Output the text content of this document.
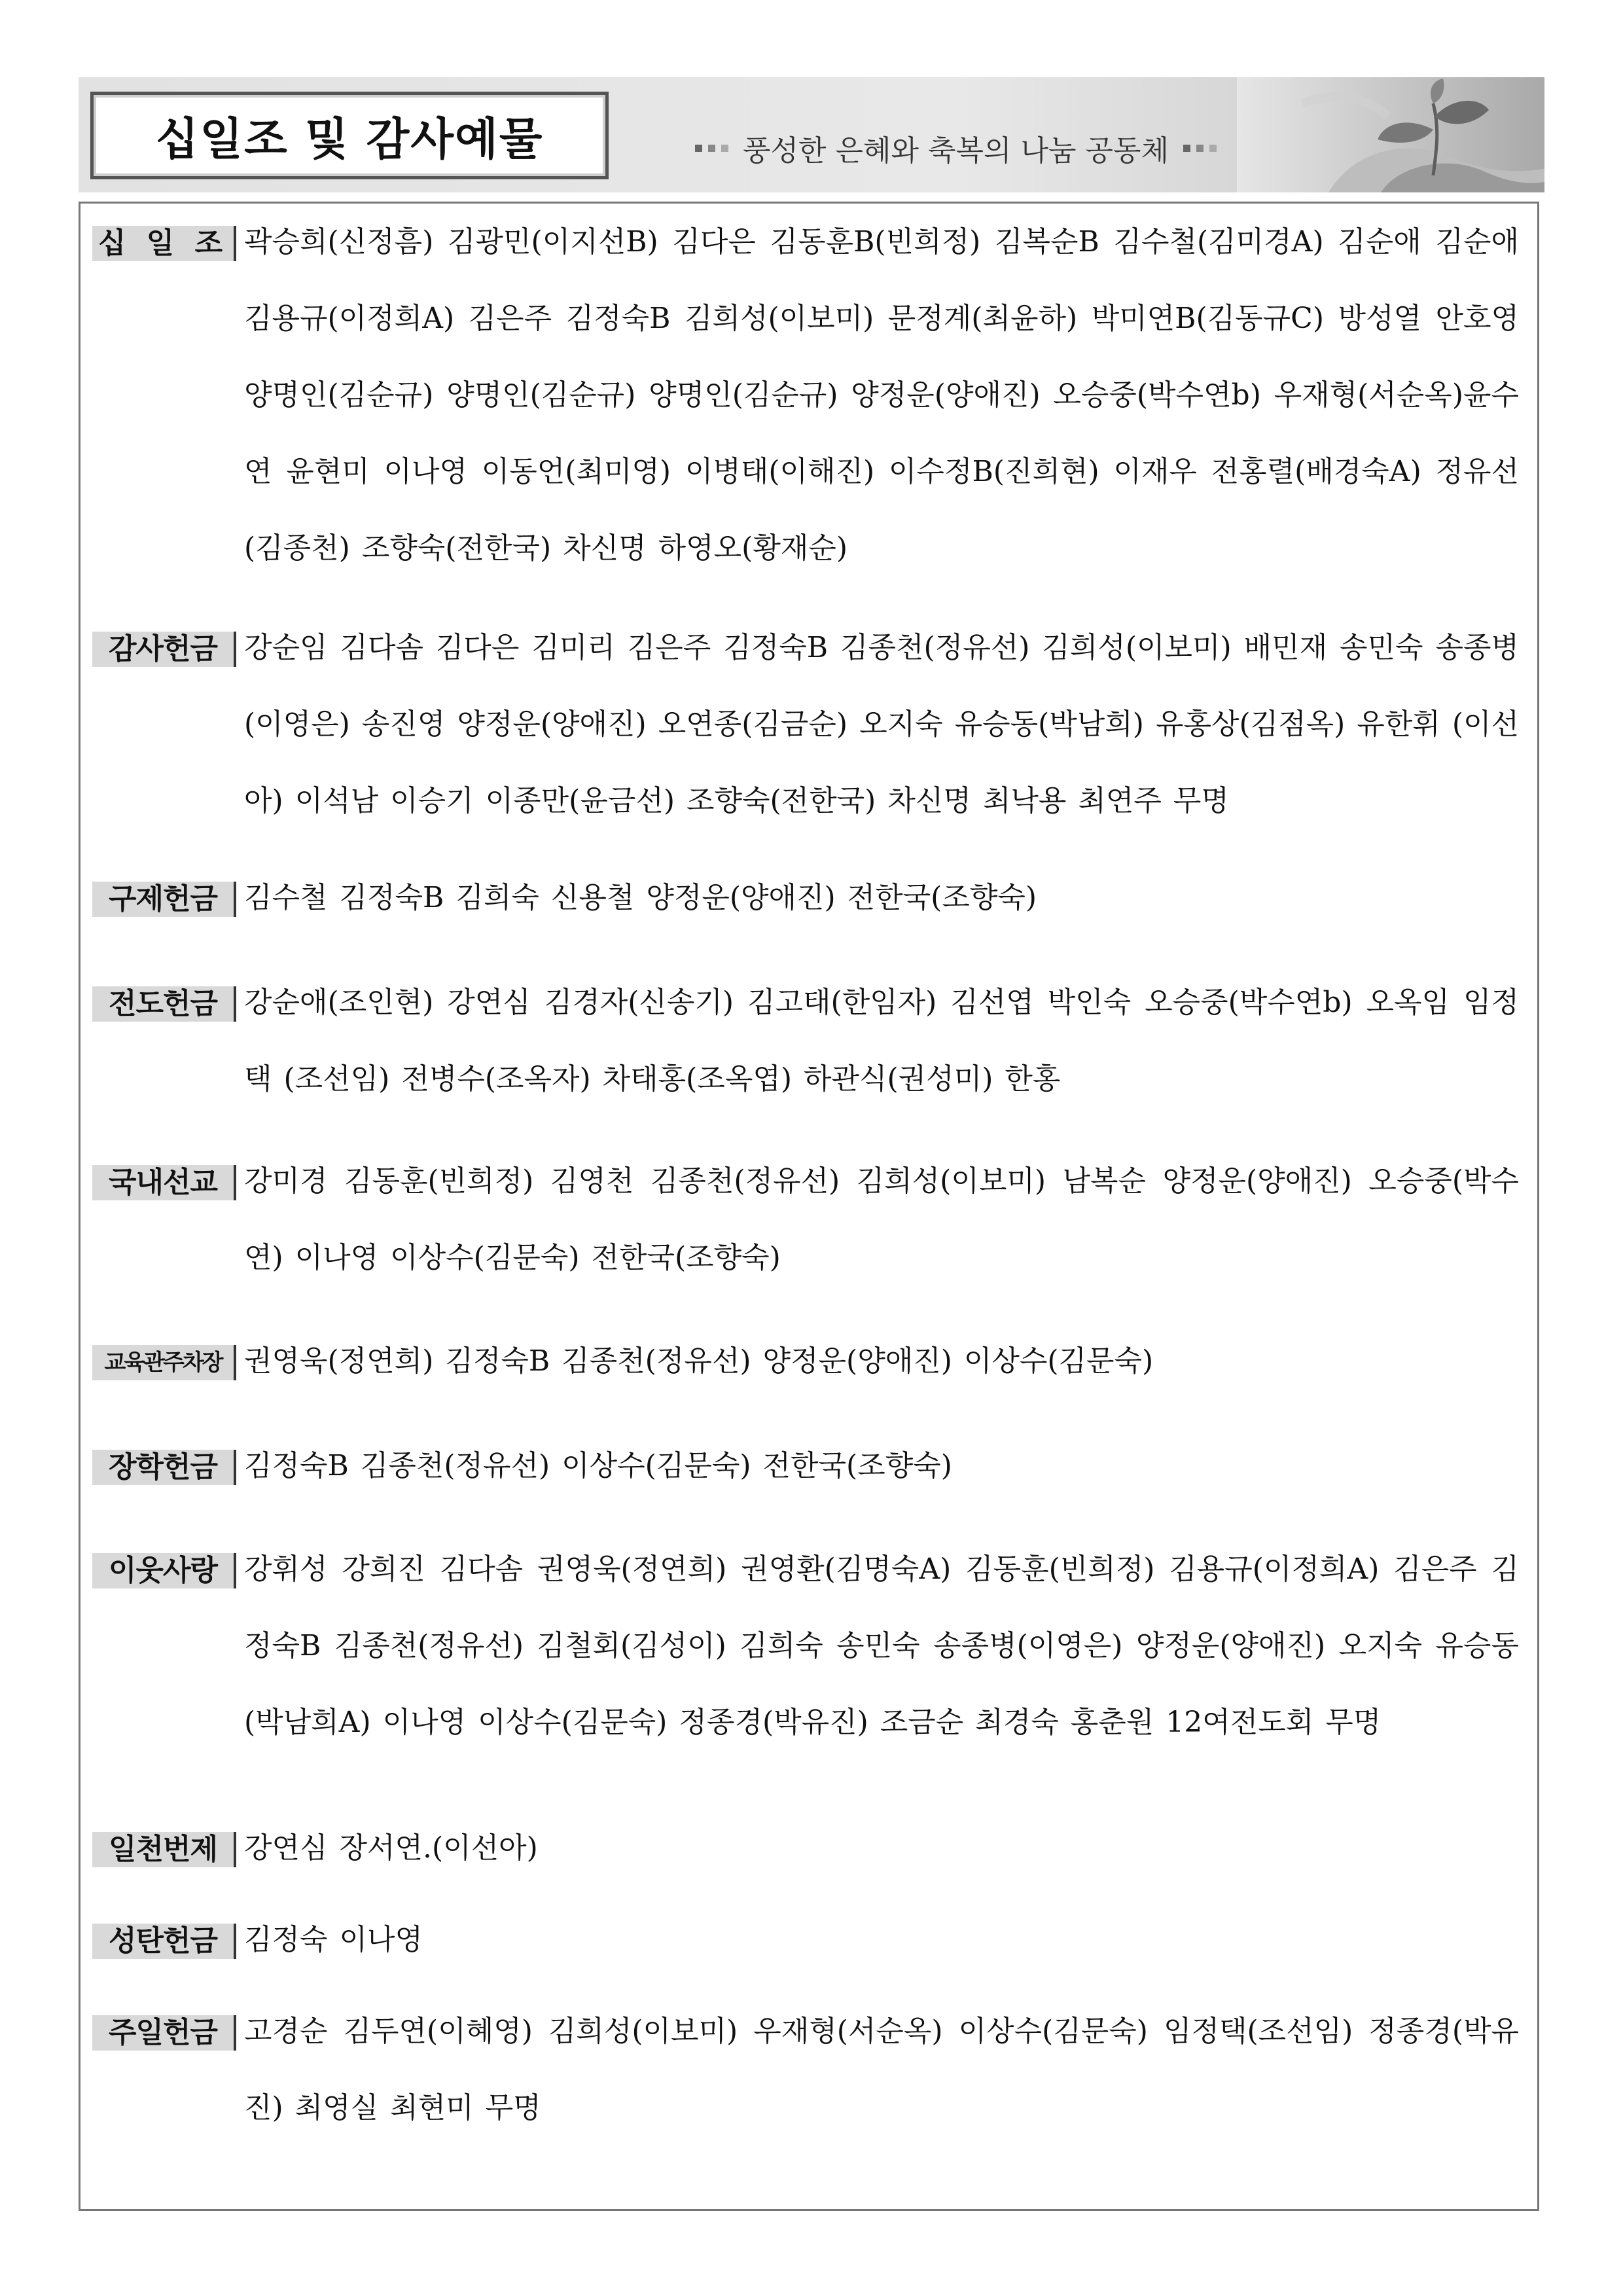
십일조 및 감사예물	풍성한 은혜와 축복의 나눔 공동체
십 일 조 곽승희(신정흠) 김광민(이지선B) 김다은 김동훈B(빈희정) 김복순B 김수철(김미경A) 김순애 김순애 김용규(이정희A) 김은주 김정숙B 김희성(이보미) 문정계(최윤하) 박미연B(김동규C) 방성열 안호영 양명인(김순규) 양명인(김순규) 양명인(김순규) 양정운(양애진) 오승중(박수연b) 우재형(서순옥)윤수연 윤현미 이나영 이동언(최미영) 이병태(이해진) 이수정B(진희현) 이재우 전홍렬(배경숙A) 정유선 (김종천) 조향숙(전한국) 차신명 하영오(황재순)
감사헌금 강순임 김다솜 김다은 김미리 김은주 김정숙B 김종천(정유선) 김희성(이보미) 배민재 송민숙 송종병 (이영은) 송진영 양정운(양애진) 오연종(김금순) 오지숙 유승동(박남희) 유홍상(김점옥) 유한휘 (이선아) 이석남 이승기 이종만(윤금선) 조향숙(전한국) 차신명 최낙용 최연주 무명
구제헌금 김수철 김정숙B 김희숙 신용철 양정운(양애진) 전한국(조향숙)
전도헌금 강순애(조인현) 강연심 김경자(신송기) 김고태(한임자) 김선엽 박인숙 오승중(박수연b) 오옥임 임정택 (조선임) 전병수(조옥자) 차태홍(조옥엽) 하관식(권성미) 한홍
국내선교 강미경 김동훈(빈희정) 김영천 김종천(정유선) 김희성(이보미) 남복순 양정운(양애진) 오승중(박수연) 이나영 이상수(김문숙) 전한국(조향숙)
교육관주차장 권영욱(정연희) 김정숙B 김종천(정유선) 양정운(양애진) 이상수(김문숙)
장학헌금 김정숙B 김종천(정유선) 이상수(김문숙) 전한국(조향숙)
이웃사랑 강휘성 강희진 김다솜 권영욱(정연희) 권영환(김명숙A) 김동훈(빈희정) 김용규(이정희A) 김은주 김정숙B 김종천(정유선) 김철회(김성이) 김희숙 송민숙 송종병(이영은) 양정운(양애진) 오지숙 유승동 (박남희A) 이나영 이상수(김문숙) 정종경(박유진) 조금순 최경숙 홍춘원 12여전도회 무명
일천번제 강연심 장서연.(이선아)
성탄헌금 김정숙 이나영
주일헌금 고경순 김두연(이혜영) 김희성(이보미) 우재형(서순옥) 이상수(김문숙) 임정택(조선임) 정종경(박유진) 최영실 최현미 무명
